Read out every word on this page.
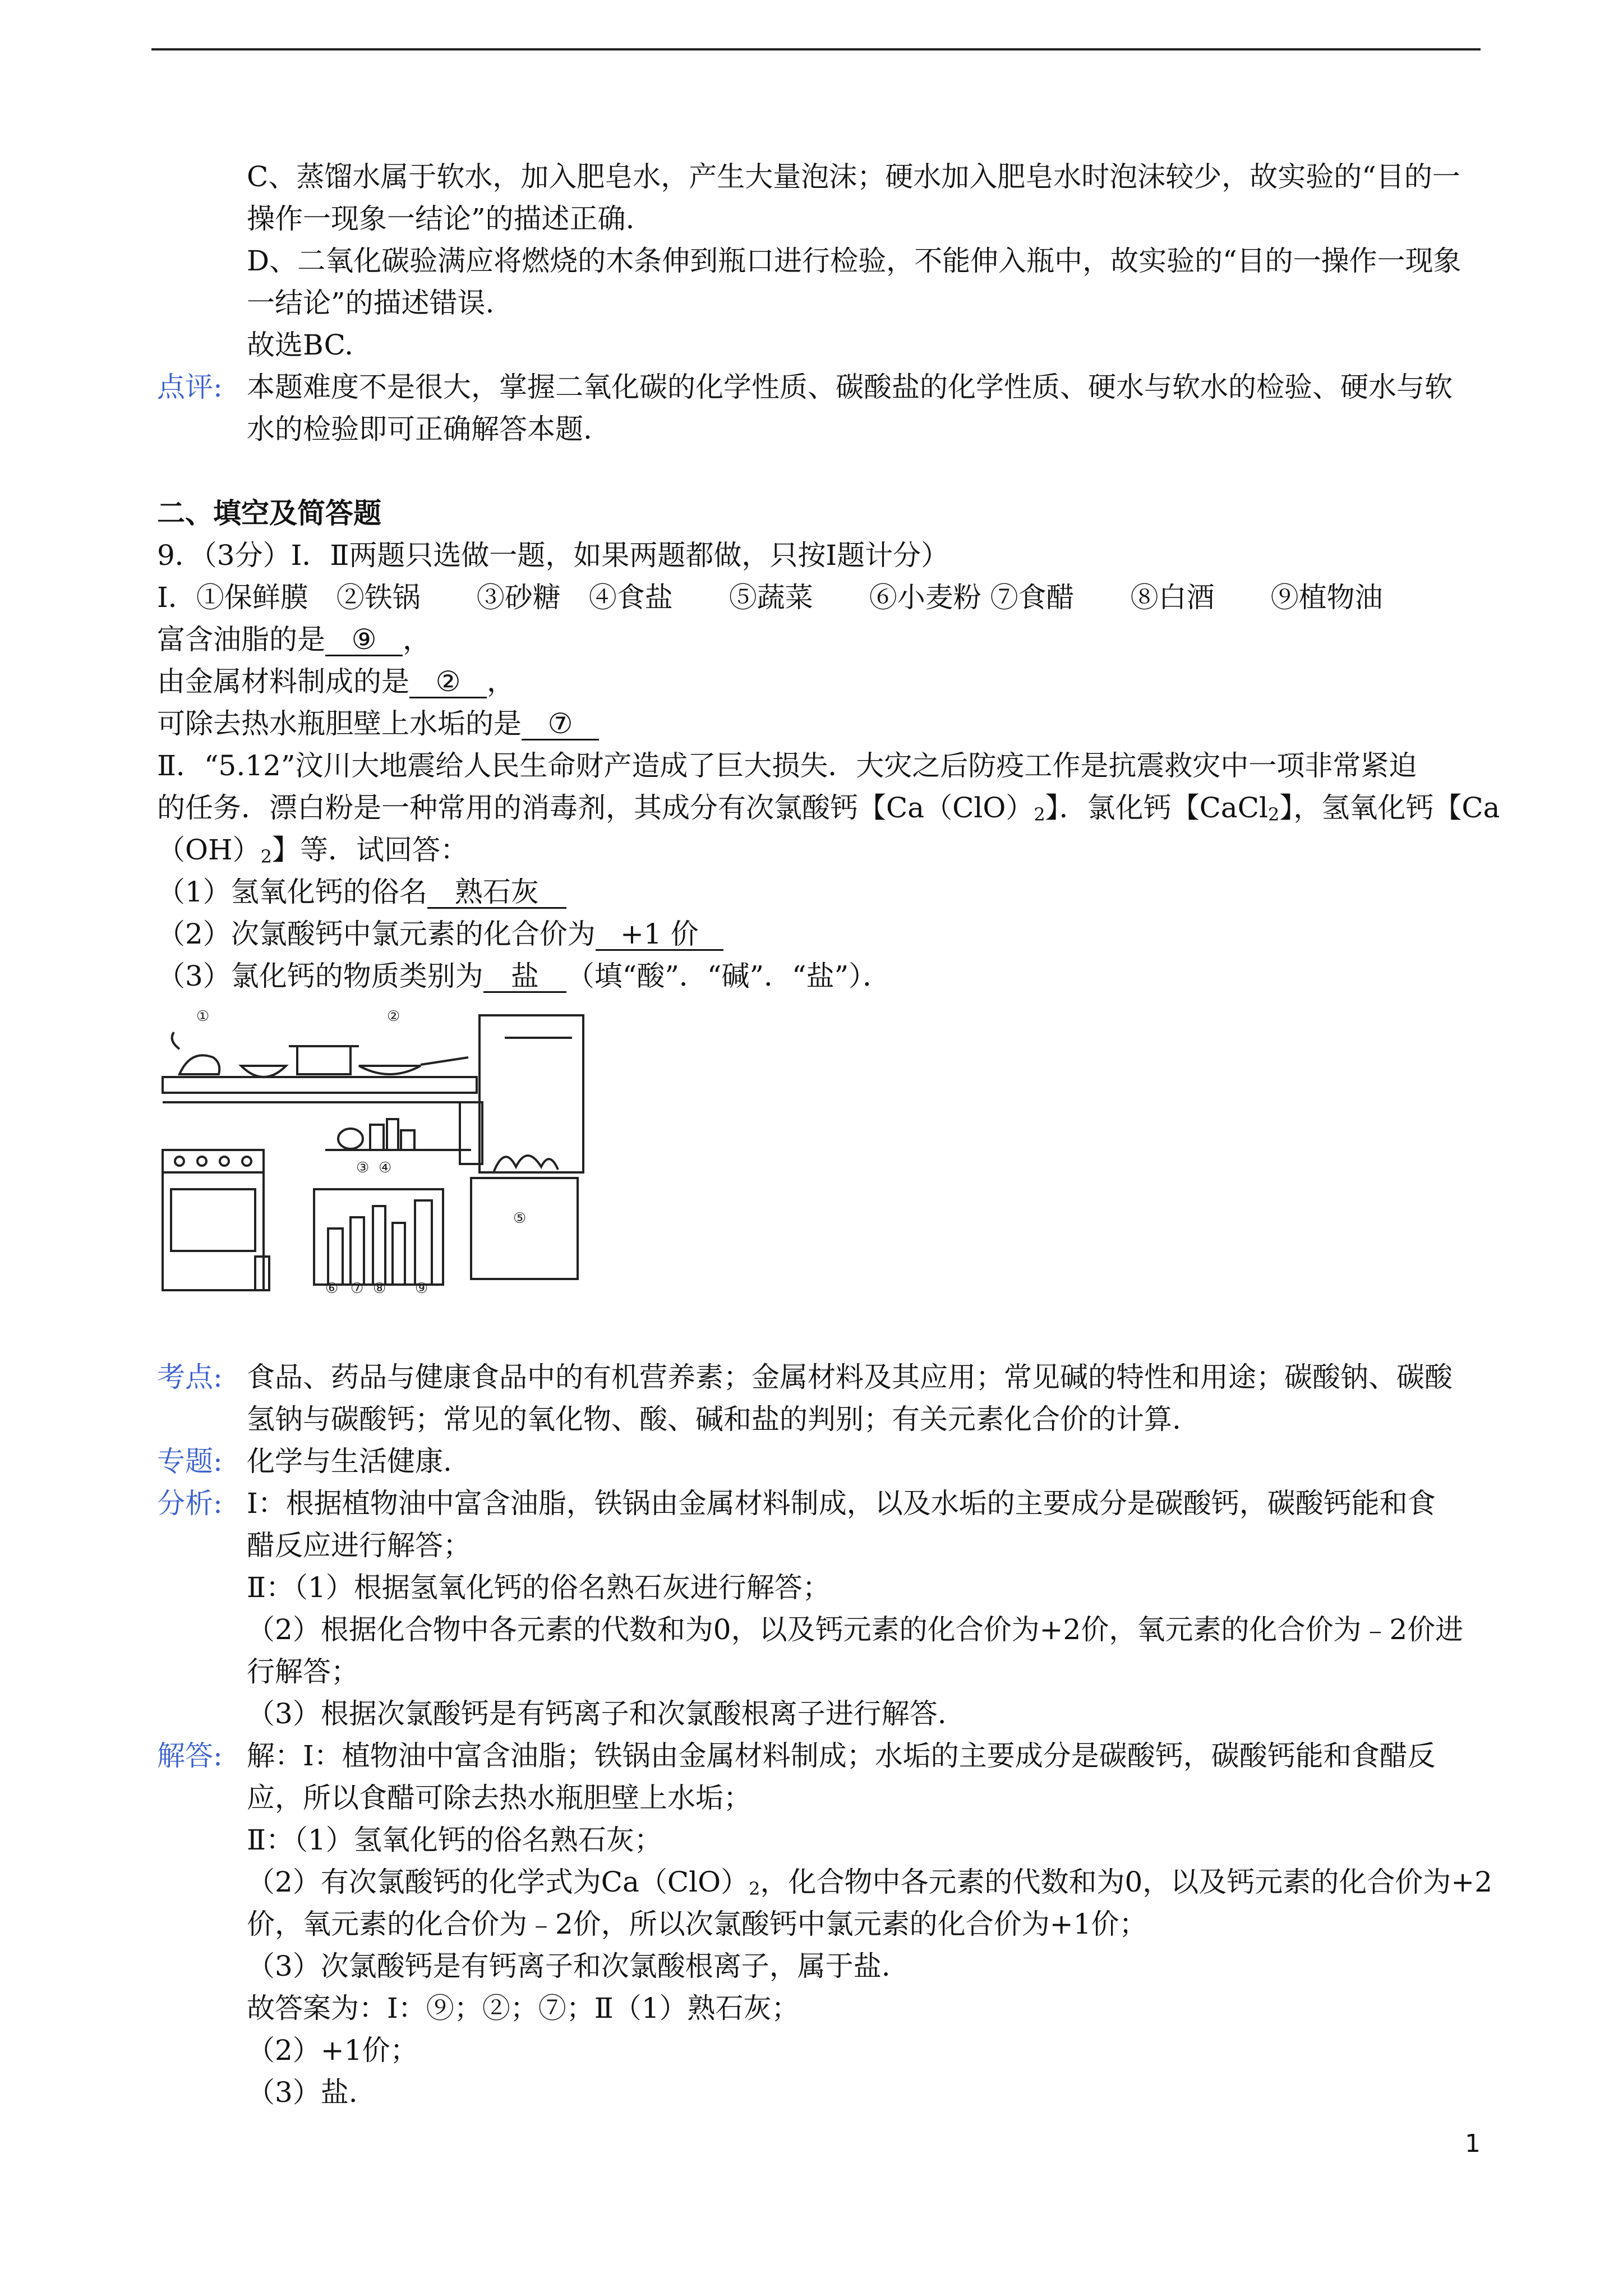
C、蒸馏水属于软水，加入肥皂水，产生大量泡沫；硬水加入肥皂水时泡沫较少，故实验的“目的一
操作一现象一结论”的描述正确.
D、二氧化碳验满应将燃烧的木条伸到瓶口进行检验，不能伸入瓶中，故实验的“目的一操作一现象
一结论”的描述错误.
故选BC.
点评: 本题难度不是很大，掌握二氧化碳的化学性质、碳酸盐的化学性质、硬水与软水的检验、硬水与软
水的检验即可正确解答本题.
二、填空及简答题
9．（3分）Ⅰ．Ⅱ两题只选做一题，如果两题都做，只按Ⅰ题计分）
Ⅰ．①保鲜膜　②铁锅　　③砂糖　④食盐　　⑤蔬菜　　⑥小麦粉 ⑦食醋　　⑧白酒　　⑨植物油
富含油脂的是 ⑨ ，
由金属材料制成的是 ② ，
可除去热水瓶胆壁上水垢的是 ⑦
Ⅱ．“5.12”汶川大地震给人民生命财产造成了巨大损失．大灾之后防疫工作是抗震救灾中一项非常紧迫
的任务．漂白粉是一种常用的消毒剂，其成分有次氯酸钙【$Ca(ClO)_2$】．氯化钙【CaCl$_2$】，氢氧化钙【Ca
$(OH)_2$】等．试回答：
（1）氢氧化钙的俗名 熟石灰
（2）次氯酸钙中氯元素的化合价为 +1 价
（3）氯化钙的物质类别为 盐 （填“酸”．“碱”．“盐”）．
①	②
③ ④
⑤
⑥ ⑦ ⑧ ⑨
考点: 食品、药品与健康食品中的有机营养素；金属材料及其应用；常见碱的特性和用途；碳酸钠、碳酸
氢钠与碳酸钙；常见的氧化物、酸、碱和盐的判别；有关元素化合价的计算.
专题: 化学与生活健康.
分析: Ⅰ：根据植物油中富含油脂，铁锅由金属材料制成，以及水垢的主要成分是碳酸钙，碳酸钙能和食
醋反应进行解答；
Ⅱ：（1）根据氢氧化钙的俗名熟石灰进行解答；
（2）根据化合物中各元素的代数和为0，以及钙元素的化合价为+2价，氧元素的化合价为﹣2价进
行解答；
（3）根据次氯酸钙是有钙离子和次氯酸根离子进行解答.
解答: 解：Ⅰ：植物油中富含油脂；铁锅由金属材料制成；水垢的主要成分是碳酸钙，碳酸钙能和食醋反
应，所以食醋可除去热水瓶胆壁上水垢；
Ⅱ：（1）氢氧化钙的俗名熟石灰；
（2）有次氯酸钙的化学式为$Ca(ClO)_2$，化合物中各元素的代数和为0，以及钙元素的化合价为+2
价，氧元素的化合价为﹣2价，所以次氯酸钙中氯元素的化合价为+1价；
（3）次氯酸钙是有钙离子和次氯酸根离子，属于盐.
故答案为：Ⅰ：⑨；②；⑦；Ⅱ（1）熟石灰；
（2）+1价；
（3）盐.
1
